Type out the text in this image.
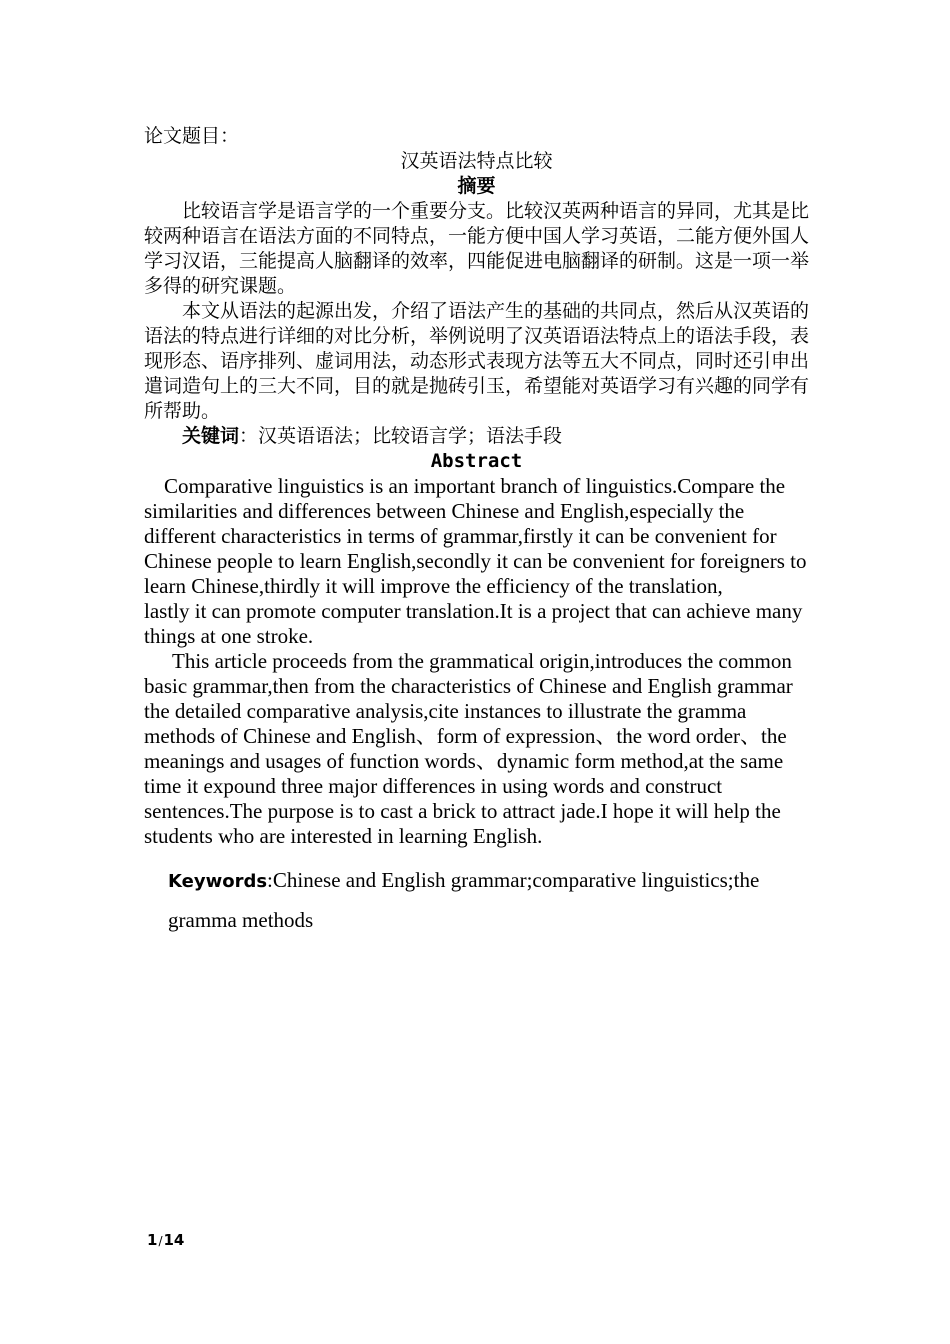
论文题目：

汉英语法特点比较

摘要

比较语言学是语言学的一个重要分支。比较汉英两种语言的异同，尤其是比较两种语言在语法方面的不同特点，一能方便中国人学习英语，二能方便外国人学习汉语，三能提高人脑翻译的效率，四能促进电脑翻译的研制。这是一项一举多得的研究课题。

本文从语法的起源出发，介绍了语法产生的基础的共同点，然后从汉英语的语法的特点进行详细的对比分析，举例说明了汉英语语法特点上的语法手段，表现形态、语序排列、虚词用法，动态形式表现方法等五大不同点，同时还引申出遣词造句上的三大不同，目的就是抛砖引玉，希望能对英语学习有兴趣的同学有所帮助。

关键词：汉英语语法；比较语言学；语法手段

Abstract

Comparative linguistics is an important branch of linguistics.Compare the similarities and differences between Chinese and English,especially the different characteristics in terms of grammar,firstly it can be convenient for Chinese people to learn English,secondly it can be convenient for foreigners to learn Chinese,thirdly it will improve the efficiency of the translation,

lastly it can promote computer translation.It is a project that can achieve many things at one stroke.

This article proceeds from the grammatical origin,introduces the common basic grammar,then from the characteristics of Chinese and English grammar the detailed comparative analysis,cite instances to illustrate the gramma methods of Chinese and English、form of expression、the word order、the meanings and usages of function words、dynamic form method,at the same time it expound three major differences in using words and construct sentences.The purpose is to cast a brick to attract jade.I hope it will help the students who are interested in learning English.

Keywords:Chinese and English grammar;comparative linguistics;the gramma methods

1/14
